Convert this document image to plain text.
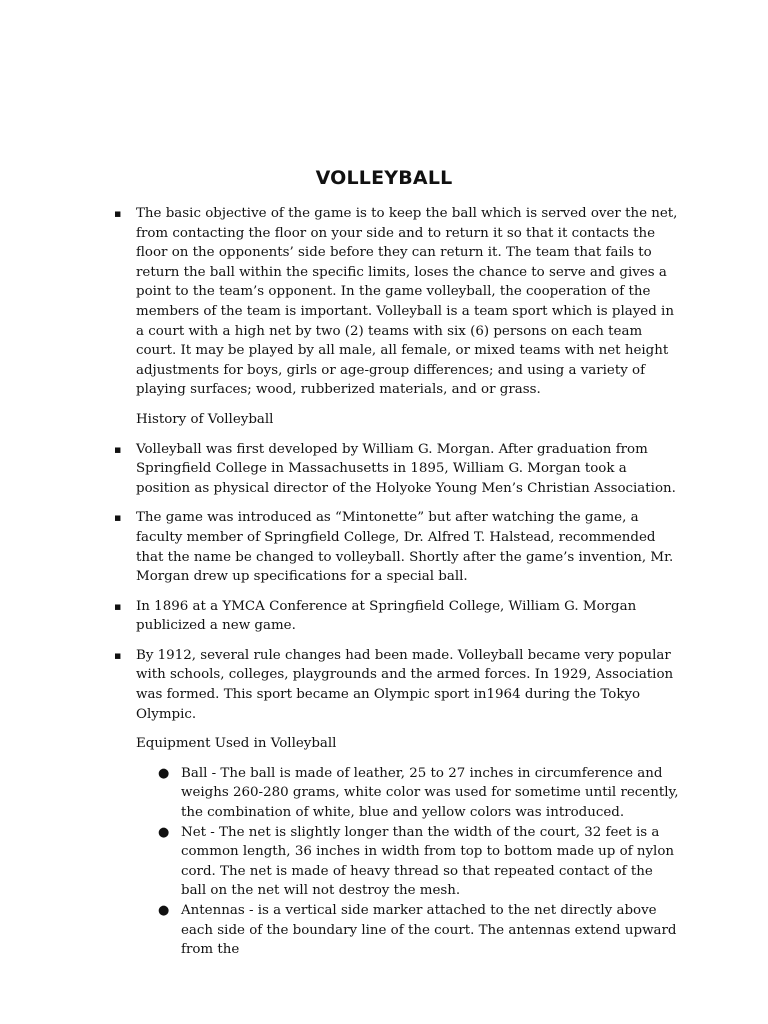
VOLLEYBALL
▪ The basic objective of the game is to keep the ball which is served over the net, from contacting the floor on your side and to return it so that it contacts the floor on the opponents’ side before they can return it. The team that fails to return the ball within the specific limits, loses the chance to serve and gives a point to the team’s opponent. In the game volleyball, the cooperation of the members of the team is important. Volleyball is a team sport which is played in a court with a high net by two (2) teams with six (6) persons on each team court. It may be played by all male, all female, or mixed teams with net height adjustments for boys, girls or age-group differences; and using a variety of playing surfaces; wood, rubberized materials, and or grass.
History of Volleyball
▪ Volleyball was first developed by William G. Morgan. After graduation from Springfield College in Massachusetts in 1895, William G. Morgan took a position as physical director of the Holyoke Young Men’s Christian Association.
▪ The game was introduced as “Mintonette” but after watching the game, a faculty member of Springfield College, Dr. Alfred T. Halstead, recommended that the name be changed to volleyball. Shortly after the game’s invention, Mr. Morgan drew up specifications for a special ball.
▪ In 1896 at a YMCA Conference at Springfield College, William G. Morgan publicized a new game.
▪ By 1912, several rule changes had been made. Volleyball became very popular with schools, colleges, playgrounds and the armed forces. In 1929, Association was formed. This sport became an Olympic sport in1964 during the Tokyo Olympic.
Equipment Used in Volleyball
● Ball - The ball is made of leather, 25 to 27 inches in circumference and weighs 260-280 grams, white color was used for sometime until recently, the combination of white, blue and yellow colors was introduced.
● Net - The net is slightly longer than the width of the court, 32 feet is a common length, 36 inches in width from top to bottom made up of nylon cord. The net is made of heavy thread so that repeated contact of the ball on the net will not destroy the mesh.
● Antennas - is a vertical side marker attached to the net directly above each side of the boundary line of the court. The antennas extend upward from the
